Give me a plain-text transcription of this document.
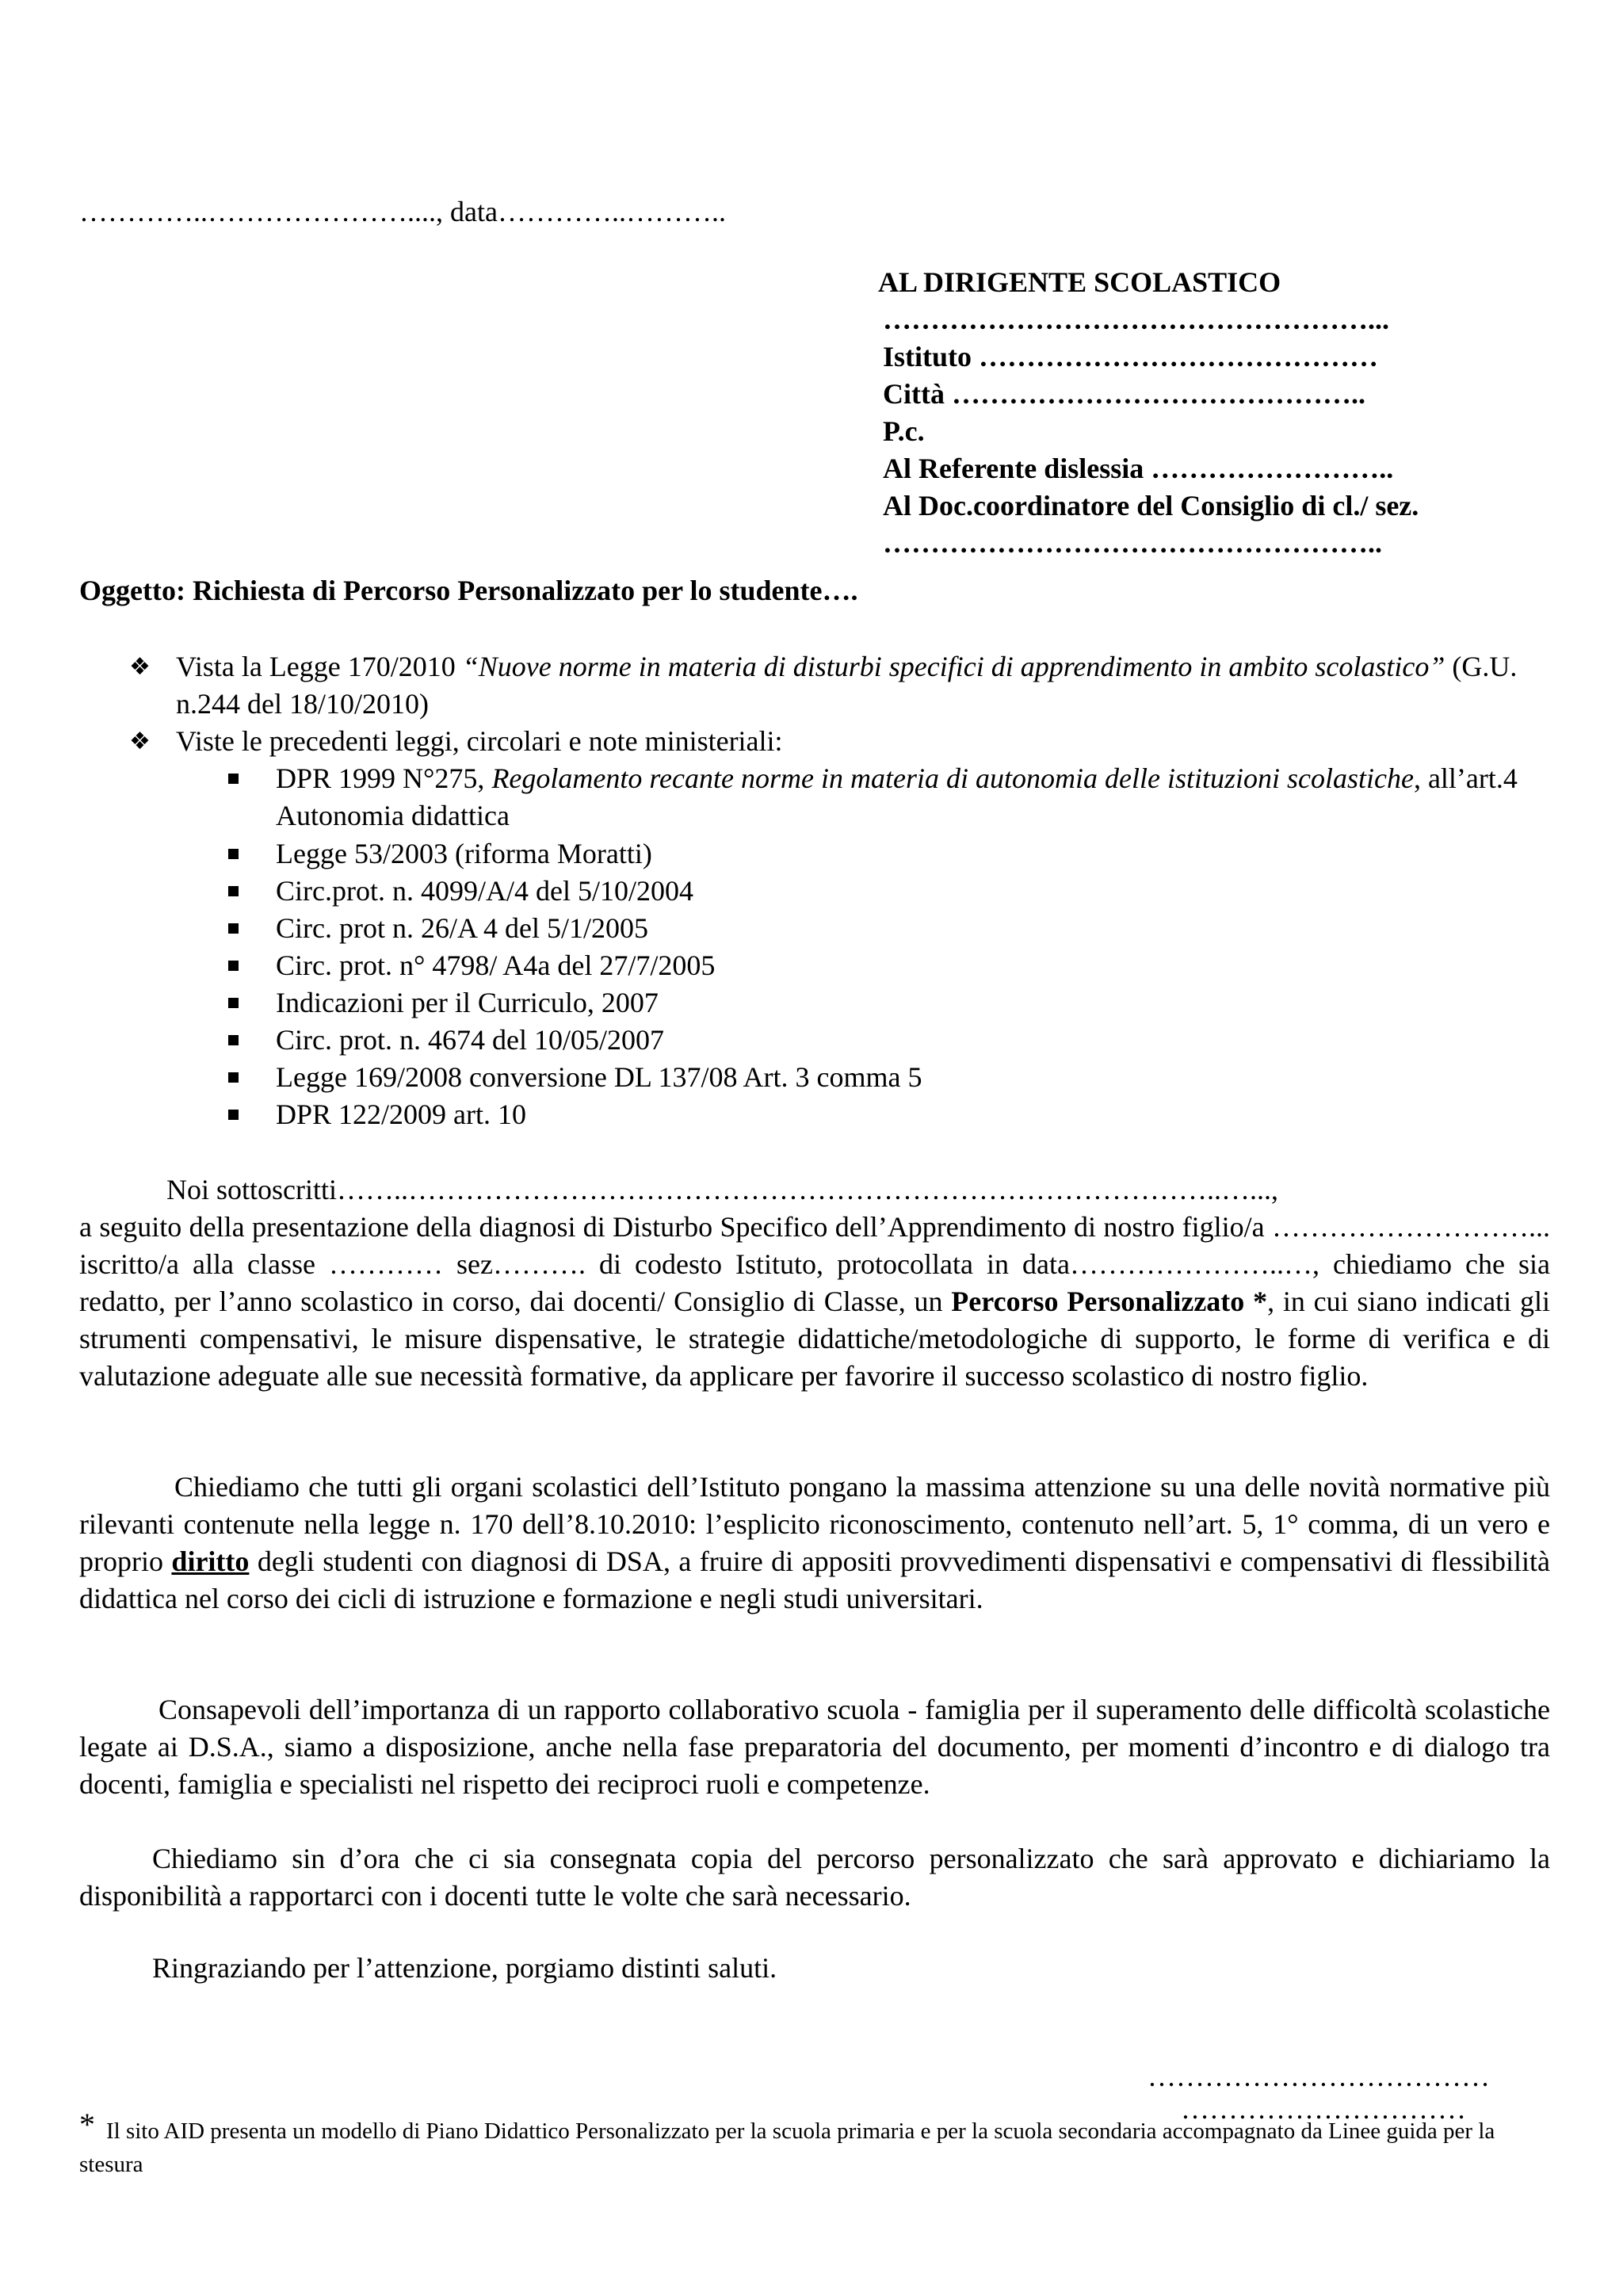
…………..…………………...., data…………..………..
AL DIRIGENTE SCOLASTICO
……………………………………………...
Istituto ……………………………………
Città ……………………………………..
P.c.
Al Referente dislessia ……………………..
Al Doc.coordinatore del Consiglio di cl./ sez.
……………………………………………..
Oggetto: Richiesta di Percorso Personalizzato per lo studente….
❖ Vista la Legge 170/2010 “Nuove norme in materia di disturbi specifici di apprendimento in ambito scolastico” (G.U. n.244 del 18/10/2010)
❖ Viste le precedenti leggi, circolari e note ministeriali:
DPR 1999 N°275, Regolamento recante norme in materia di autonomia delle istituzioni scolastiche, all’art.4 Autonomia didattica
Legge 53/2003 (riforma Moratti)
Circ.prot. n. 4099/A/4 del 5/10/2004
Circ. prot n. 26/A 4 del 5/1/2005
Circ. prot. n° 4798/ A4a del 27/7/2005
Indicazioni per il Curriculo, 2007
Circ. prot. n. 4674 del 10/05/2007
Legge 169/2008 conversione DL 137/08 Art. 3 comma 5
DPR 122/2009 art. 10
Noi sottoscritti……..…………………………………………………………………………..…...,

a seguito della presentazione della diagnosi di Disturbo Specifico dell’Apprendimento di nostro figlio/a ………………………... iscritto/a alla classe ………… sez………. di codesto Istituto, protocollata in data…………………..…, chiediamo che sia redatto, per l’anno scolastico in corso, dai docenti/ Consiglio di Classe, un Percorso Personalizzato *, in cui siano indicati gli strumenti compensativi, le misure dispensative, le strategie didattiche/metodologiche di supporto, le forme di verifica e di valutazione adeguate alle sue necessità formative, da applicare per favorire il successo scolastico di nostro figlio.

Chiediamo che tutti gli organi scolastici dell’Istituto pongano la massima attenzione su una delle novità normative più rilevanti contenute nella legge n. 170 dell’8.10.2010: l’esplicito riconoscimento, contenuto nell’art. 5, 1° comma, di un vero e proprio diritto degli studenti con diagnosi di DSA, a fruire di appositi provvedimenti dispensativi e compensativi di flessibilità didattica nel corso dei cicli di istruzione e formazione e negli studi universitari.

Consapevoli dell’importanza di un rapporto collaborativo scuola - famiglia per il superamento delle difficoltà scolastiche legate ai D.S.A., siamo a disposizione, anche nella fase preparatoria del documento, per momenti d’incontro e di dialogo tra docenti, famiglia e specialisti nel rispetto dei reciproci ruoli e competenze.

Chiediamo sin d’ora che ci sia consegnata copia del percorso personalizzato che sarà approvato e dichiariamo la disponibilità a rapportarci con i docenti tutte le volte che sarà necessario.

Ringraziando per l’attenzione, porgiamo distinti saluti.
………………………………
…………………………
* Il sito AID presenta un modello di Piano Didattico Personalizzato per la scuola primaria e per la scuola secondaria accompagnato da Linee guida per la stesura
